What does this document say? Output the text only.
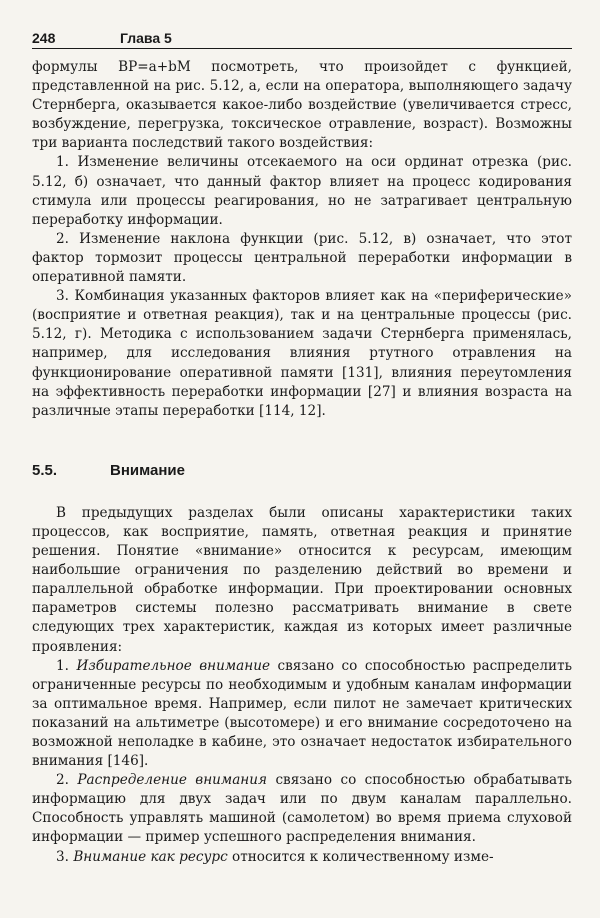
248	Глава 5

формулы ВР=a+bM посмотреть, что произойдет с функцией, представленной на рис. 5.12, а, если на оператора, выполняющего задачу Стернберга, оказывается какое-либо воздействие (увеличивается стресс, возбуждение, перегрузка, токсическое отравление, возраст). Возможны три варианта последствий такого воздействия:

1. Изменение величины отсекаемого на оси ординат отрезка (рис. 5.12, б) означает, что данный фактор влияет на процесс кодирования стимула или процессы реагирования, но не затрагивает центральную переработку информации.

2. Изменение наклона функции (рис. 5.12, в) означает, что этот фактор тормозит процессы центральной переработки информации в оперативной памяти.

3. Комбинация указанных факторов влияет как на «периферические» (восприятие и ответная реакция), так и на центральные процессы (рис. 5.12, г). Методика с использованием задачи Стернберга применялась, например, для исследования влияния ртутного отравления на функционирование оперативной памяти [131], влияния переутомления на эффективность переработки информации [27] и влияния возраста на различные этапы переработки [114, 12].

5.5.	Внимание

В предыдущих разделах были описаны характеристики таких процессов, как восприятие, память, ответная реакция и принятие решения. Понятие «внимание» относится к ресурсам, имеющим наибольшие ограничения по разделению действий во времени и параллельной обработке информации. При проектировании основных параметров системы полезно рассматривать внимание в свете следующих трех характеристик, каждая из которых имеет различные проявления:

1. Избирательное внимание связано со способностью распределить ограниченные ресурсы по необходимым и удобным каналам информации за оптимальное время. Например, если пилот не замечает критических показаний на альтиметре (высотомере) и его внимание сосредоточено на возможной неполадке в кабине, это означает недостаток избирательного внимания [146].

2. Распределение внимания связано со способностью обрабатывать информацию для двух задач или по двум каналам параллельно. Способность управлять машиной (самолетом) во время приема слуховой информации — пример успешного распределения внимания.

3. Внимание как ресурс относится к количественному изме-
